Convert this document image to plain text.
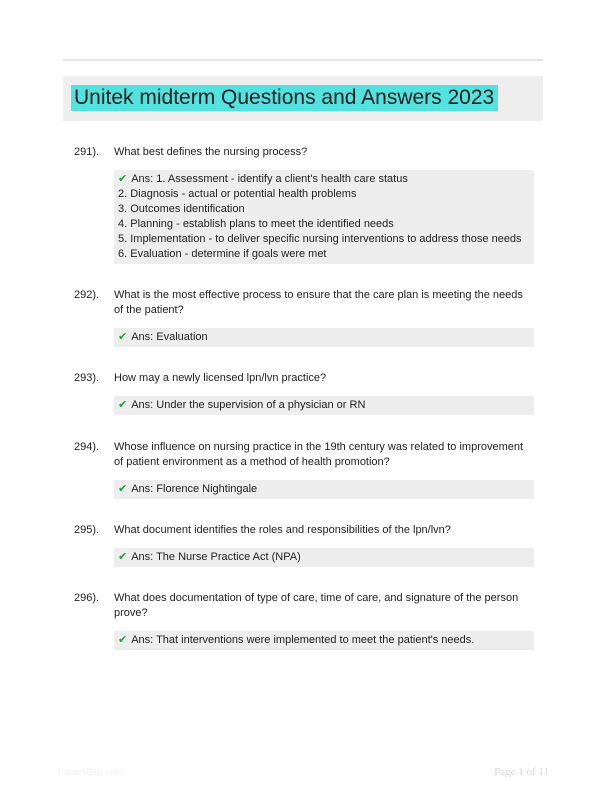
Unitek midterm Questions and Answers 2023
291). What best defines the nursing process?
✔ Ans: 1. Assessment - identify a client's health care status
2. Diagnosis - actual or potential health problems
3. Outcomes identification
4. Planning - establish plans to meet the identified needs
5. Implementation - to deliver specific nursing interventions to address those needs
6. Evaluation - determine if goals were met
292). What is the most effective process to ensure that the care plan is meeting the needs of the patient?
✔ Ans: Evaluation
293). How may a newly licensed lpn/lvn practice?
✔ Ans: Under the supervision of a physician or RN
294). Whose influence on nursing practice in the 19th century was related to improvement of patient environment as a method of health promotion?
✔ Ans: Florence Nightingale
295). What document identifies the roles and responsibilities of the lpn/lvn?
✔ Ans: The Nurse Practice Act (NPA)
296). What does documentation of type of care, time of care, and signature of the person prove?
✔ Ans: That interventions were implemented to meet the patient's needs.
PaperNBlic.com	Page 1 of 11
